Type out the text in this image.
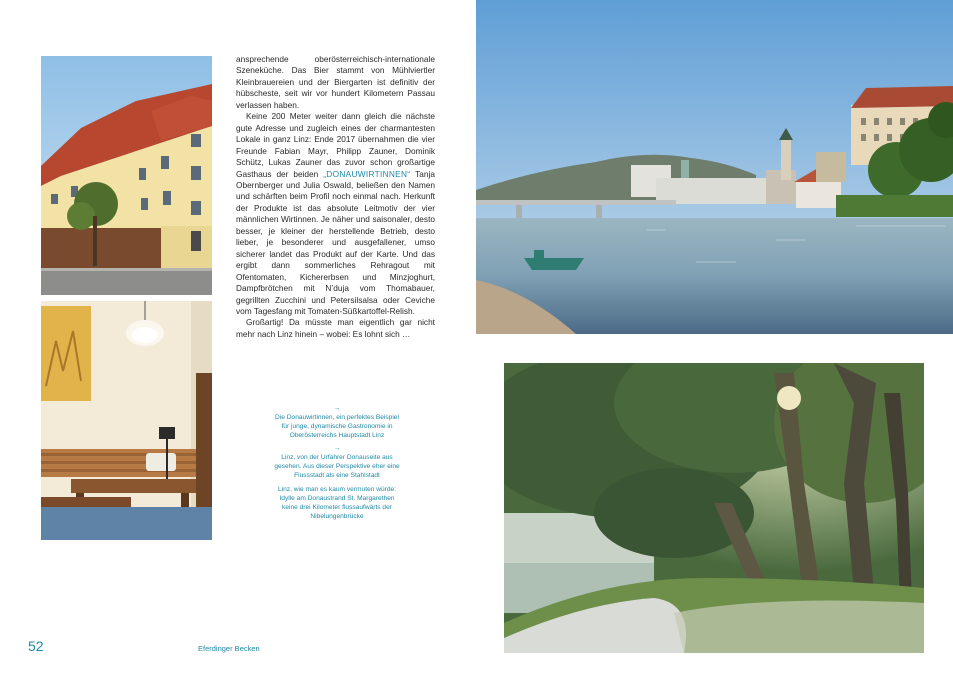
ansprechende oberösterreichisch-internationale Szeneküche. Das Bier stammt von Mühlviertler Kleinbrauereien und der Biergarten ist definitiv der hübscheste, seit wir vor hundert Kilometern Passau verlassen haben.

Keine 200 Meter weiter dann gleich die nächste gute Adresse und zugleich eines der charmantesten Lokale in ganz Linz: Ende 2017 übernahmen die vier Freunde Fabian Mayr, Philipp Zauner, Dominik Schütz, Lukas Zauner das zuvor schon großartige Gasthaus der beiden „DONAUWIRTINNEN“ Tanja Obernberger und Julia Oswald, beließen den Namen und schärften beim Profil noch einmal nach. Herkunft der Produkte ist das absolute Leitmotiv der vier männlichen Wirtinnen. Je näher und saisonaler, desto besser, je kleiner der herstellende Betrieb, desto lieber, je besonderer und ausgefallener, umso sicherer landet das Produkt auf der Karte. Und das ergibt dann sommerliches Rehragout mit Ofentomaten, Kichererbsen und Minzjoghurt, Dampfbrötchen mit N’duja vom Thomabauer, gegrillten Zucchini und Petersilsalsa oder Ceviche vom Tagesfang mit Tomaten-Süßkartoffel-Relish.

Großartig! Da müsste man eigentlich gar nicht mehr nach Linz hinein – wobei: Es lohnt sich …

→
Die Donauwirtinnen, ein perfektes Beispiel für junge, dynamische Gastronomie in Oberösterreichs Hauptstadt Linz
→
Linz, von der Urfahrer Donauseite aus gesehen. Aus dieser Perspektive eher eine Flussstadt als eine Stahlstadt
Linz, wie man es kaum vermuten würde: Idylle am Donaustrand St. Margarethen keine drei Kilometer flussaufwärts der Nibelungenbrücke
52	Eferdinger Becken
